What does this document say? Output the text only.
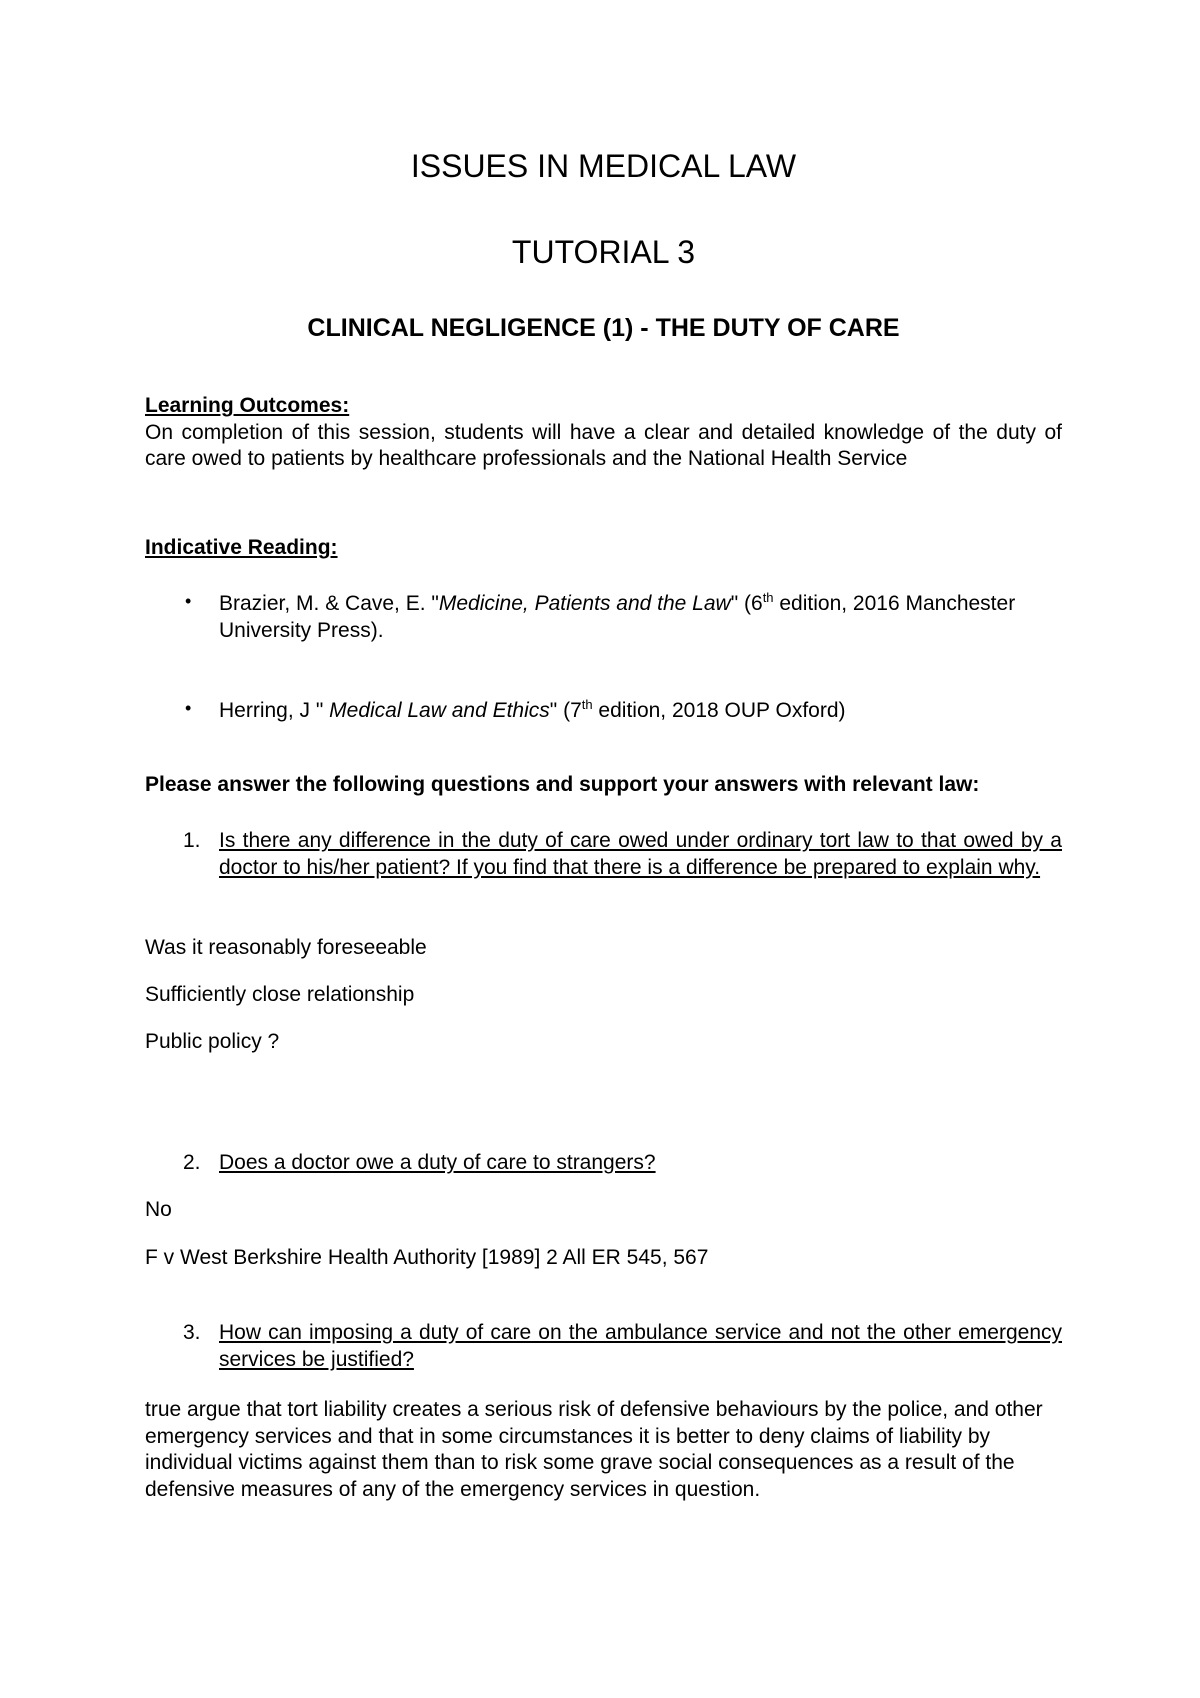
ISSUES IN MEDICAL LAW
TUTORIAL 3
CLINICAL NEGLIGENCE (1) - THE DUTY OF CARE
Learning Outcomes:
On completion of this session, students will have a clear and detailed knowledge of the duty of care owed to patients by healthcare professionals and the National Health Service
Indicative Reading:
• Brazier, M. & Cave, E. "Medicine, Patients and the Law" (6th edition, 2016 Manchester University Press).
• Herring, J " Medical Law and Ethics" (7th edition, 2018 OUP Oxford)
Please answer the following questions and support your answers with relevant law:
1. Is there any difference in the duty of care owed under ordinary tort law to that owed by a doctor to his/her patient? If you find that there is a difference be prepared to explain why.
Was it reasonably foreseeable
Sufficiently close relationship
Public policy ?
2. Does a doctor owe a duty of care to strangers?
No
F v West Berkshire Health Authority [1989] 2 All ER 545, 567
3. How can imposing a duty of care on the ambulance service and not the other emergency services be justified?
true argue that tort liability creates a serious risk of defensive behaviours by the police, and other emergency services and that in some circumstances it is better to deny claims of liability by individual victims against them than to risk some grave social consequences as a result of the defensive measures of any of the emergency services in question.
